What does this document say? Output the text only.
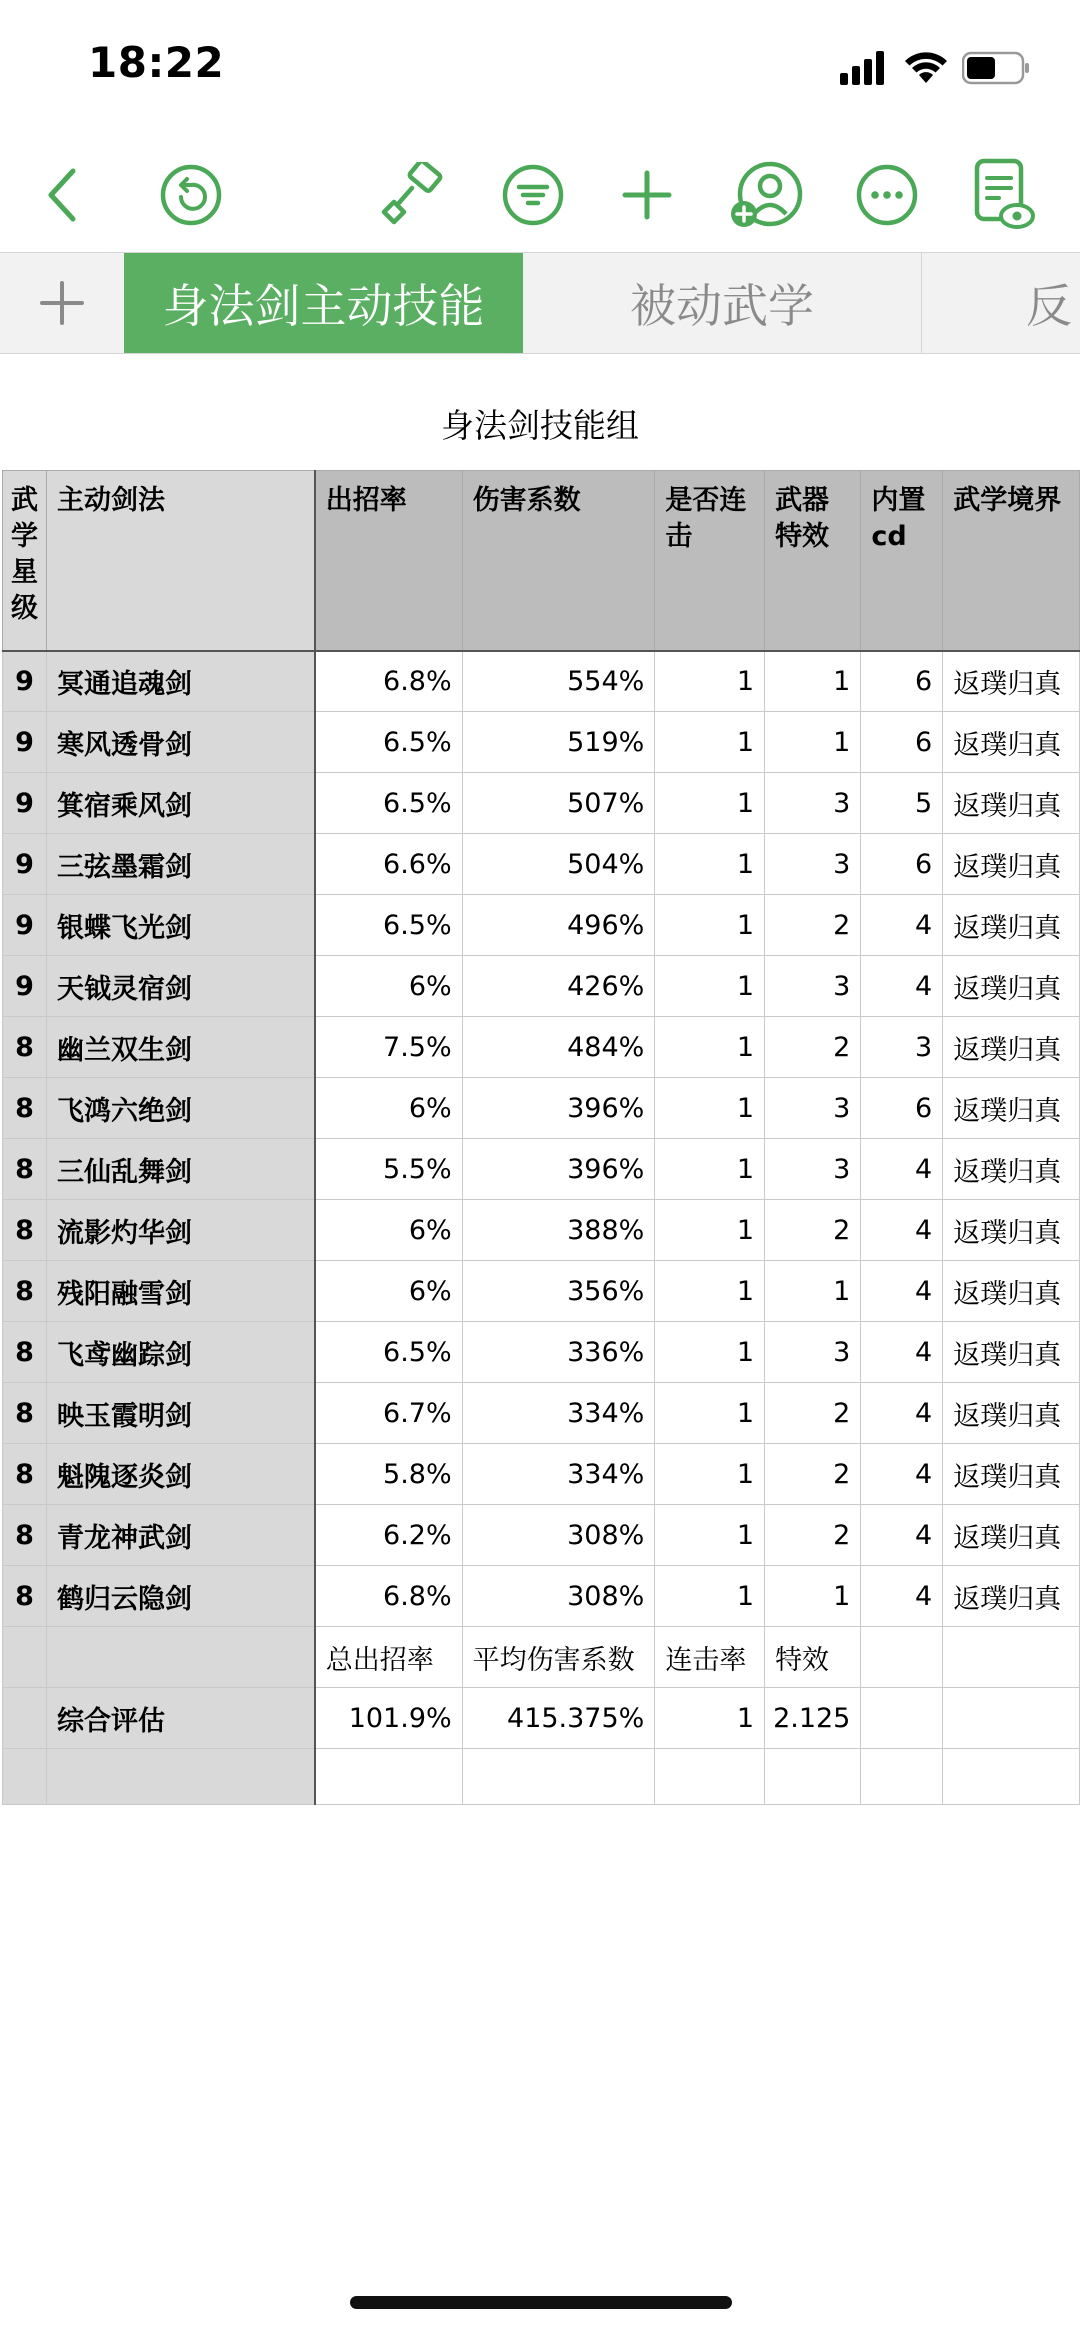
18:22
身法剑主动技能	被动武学	反
身法剑技能组
武学星级	主动剑法	出招率	伤害系数	是否连击	武器特效	内置cd	武学境界
9	冥通追魂剑	6.8%	554%	1	1	6	返璞归真
9	寒风透骨剑	6.5%	519%	1	1	6	返璞归真
9	箕宿乘风剑	6.5%	507%	1	3	5	返璞归真
9	三弦墨霜剑	6.6%	504%	1	3	6	返璞归真
9	银蝶飞光剑	6.5%	496%	1	2	4	返璞归真
9	天钺灵宿剑	6%	426%	1	3	4	返璞归真
8	幽兰双生剑	7.5%	484%	1	2	3	返璞归真
8	飞鸿六绝剑	6%	396%	1	3	6	返璞归真
8	三仙乱舞剑	5.5%	396%	1	3	4	返璞归真
8	流影灼华剑	6%	388%	1	2	4	返璞归真
8	残阳融雪剑	6%	356%	1	1	4	返璞归真
8	飞鸢幽踪剑	6.5%	336%	1	3	4	返璞归真
8	映玉霞明剑	6.7%	334%	1	2	4	返璞归真
8	魁隗逐炎剑	5.8%	334%	1	2	4	返璞归真
8	青龙神武剑	6.2%	308%	1	2	4	返璞归真
8	鹤归云隐剑	6.8%	308%	1	1	4	返璞归真
		总出招率	平均伤害系数	连击率	特效		
	综合评估	101.9%	415.375%	1	2.125		
